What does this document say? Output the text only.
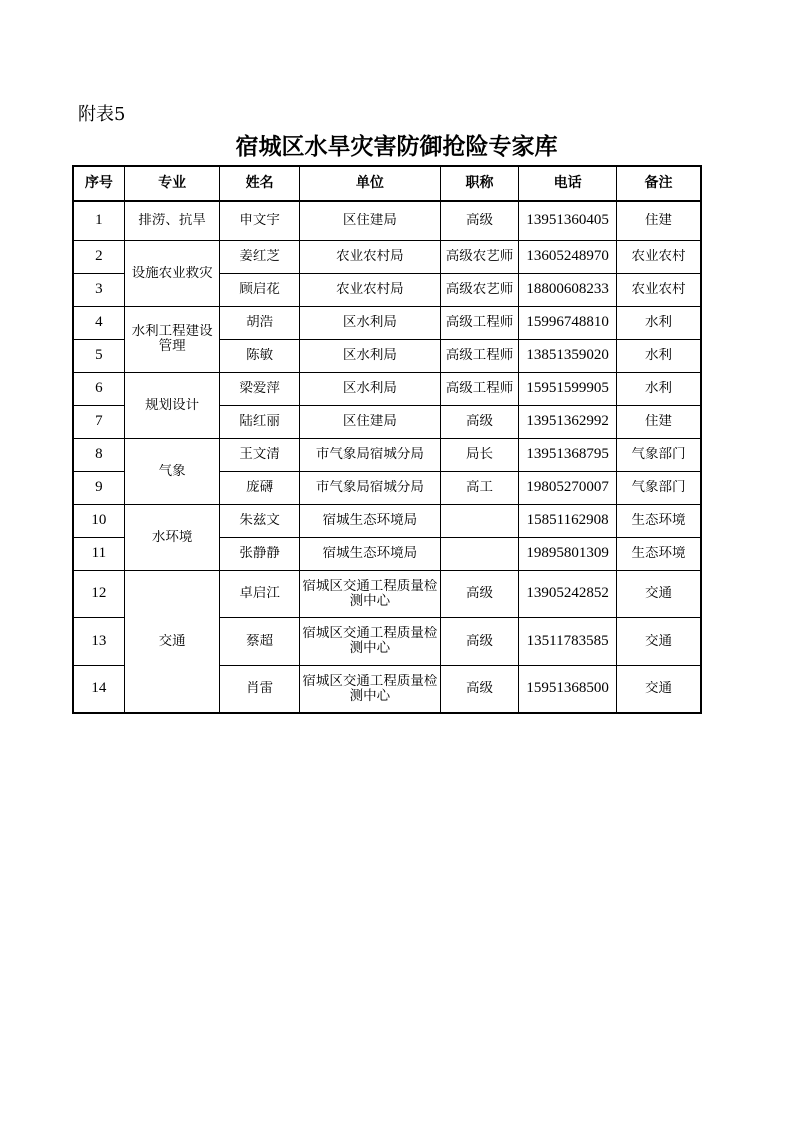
附表5
宿城区水旱灾害防御抢险专家库
序号	专业	姓名	单位	职称	电话	备注

1	排涝、抗旱	申文宇	区住建局	高级	13951360405	住建

2	设施农业救灾	姜红芝	农业农村局	高级农艺师	13605248970	农业农村

3		顾启花	农业农村局	高级农艺师	18800608233	农业农村

4	水利工程建设管理	胡浩	区水利局	高级工程师	15996748810	水利

5		陈敏	区水利局	高级工程师	13851359020	水利

6	规划设计	梁爱萍	区水利局	高级工程师	15951599905	水利

7		陆红丽	区住建局	高级	13951362992	住建

8	气象	王文清	市气象局宿城分局	局长	13951368795	气象部门

9		庞礴	市气象局宿城分局	高工	19805270007	气象部门

10	水环境	朱兹文	宿城生态环境局		15851162908	生态环境

11		张静静	宿城生态环境局		19895801309	生态环境

12	交通	卓启江	宿城区交通工程质量检测中心	高级	13905242852	交通

13		蔡超	宿城区交通工程质量检测中心	高级	13511783585	交通

14		肖雷	宿城区交通工程质量检测中心	高级	15951368500	交通
